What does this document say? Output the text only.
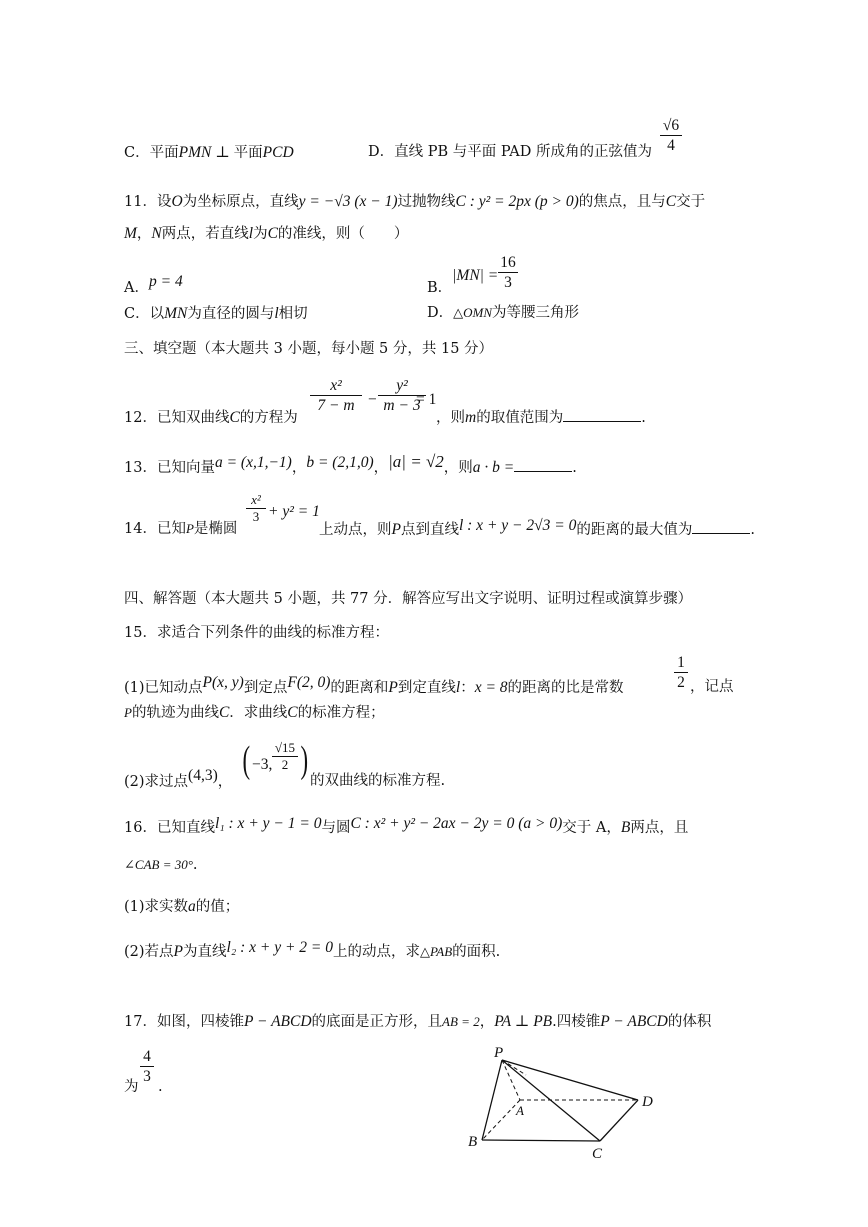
C．平面PMN ⊥ 平面PCD	D．直线 PB 与平面 PAD 所成角的正弦值为
√6
4
11．设O为坐标原点，直线y = −√3 (x − 1)过抛物线C : y² = 2px (p > 0)的焦点，且与C交于
M，N两点，若直线l为C的准线，则（　　）
A．p = 4	B．|MN| =
16
3
C．以MN为直径的圆与l相切	D．△OMN为等腰三角形
三、填空题（本大题共 3 小题，每小题 5 分，共 15 分）
12．已知双曲线C的方程为
x²
7 − m −
y²
m − 3
= 1
，则m的取值范围为	.
13．已知向量a = (x,1,−1)，b = (2,1,0)，|a| = √2，则a · b =	.
14．已知P是椭圆
x²
3 + y² = 1
上动点，则P点到直线l : x + y − 2√3 = 0的距离的最大值为	.
四、解答题（本大题共 5 小题，共 77 分．解答应写出文字说明、证明过程或演算步骤）
15．求适合下列条件的曲线的标准方程：
(1)已知动点P(x, y)到定点F(2, 0)的距离和P到定直线l：x = 8的距离的比是常数
1
2 ，记点
P的轨迹为曲线C．求曲线C的标准方程；
(2)求过点(4,3)，
( −3,
√15
2 ) 的双曲线的标准方程.
16．已知直线l₁ : x + y − 1 = 0与圆C : x² + y² − 2ax − 2y = 0 (a > 0)交于 A，B两点，且
∠CAB = 30°.
(1)求实数a的值；
(2)若点P为直线l₂ : x + y + 2 = 0上的动点，求△PAB的面积.
17．如图，四棱锥P − ABCD的底面是正方形，且AB = 2，PA ⊥ PB.四棱锥P − ABCD的体积
为
4
3
.
P
A
B
C
D
